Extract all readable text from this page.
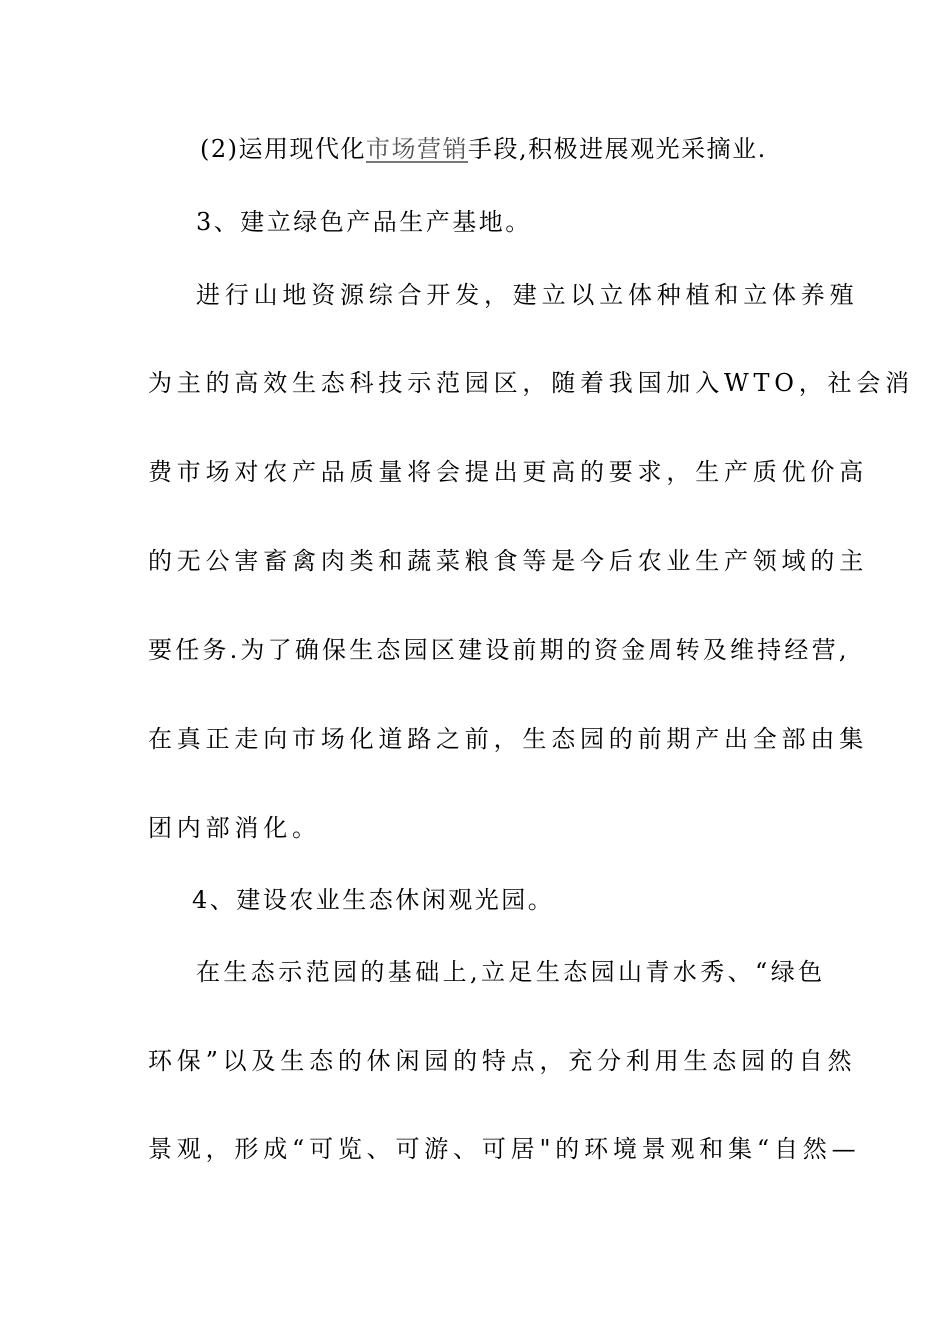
(2)运用现代化市场营销手段,积极进展观光采摘业.
3、建立绿色产品生产基地。
进行山地资源综合开发，建立以立体种植和立体养殖
为主的高效生态科技示范园区，随着我国加入WTO，社会消
费市场对农产品质量将会提出更高的要求，生产质优价高
的无公害畜禽肉类和蔬菜粮食等是今后农业生产领域的主
要任务.为了确保生态园区建设前期的资金周转及维持经营,
在真正走向市场化道路之前，生态园的前期产出全部由集
团内部消化。
4、建设农业生态休闲观光园。
在生态示范园的基础上,立足生态园山青水秀、“绿色
环保”以及生态的休闲园的特点，充分利用生态园的自然
景观，形成“可览、可游、可居"的环境景观和集“自然—
